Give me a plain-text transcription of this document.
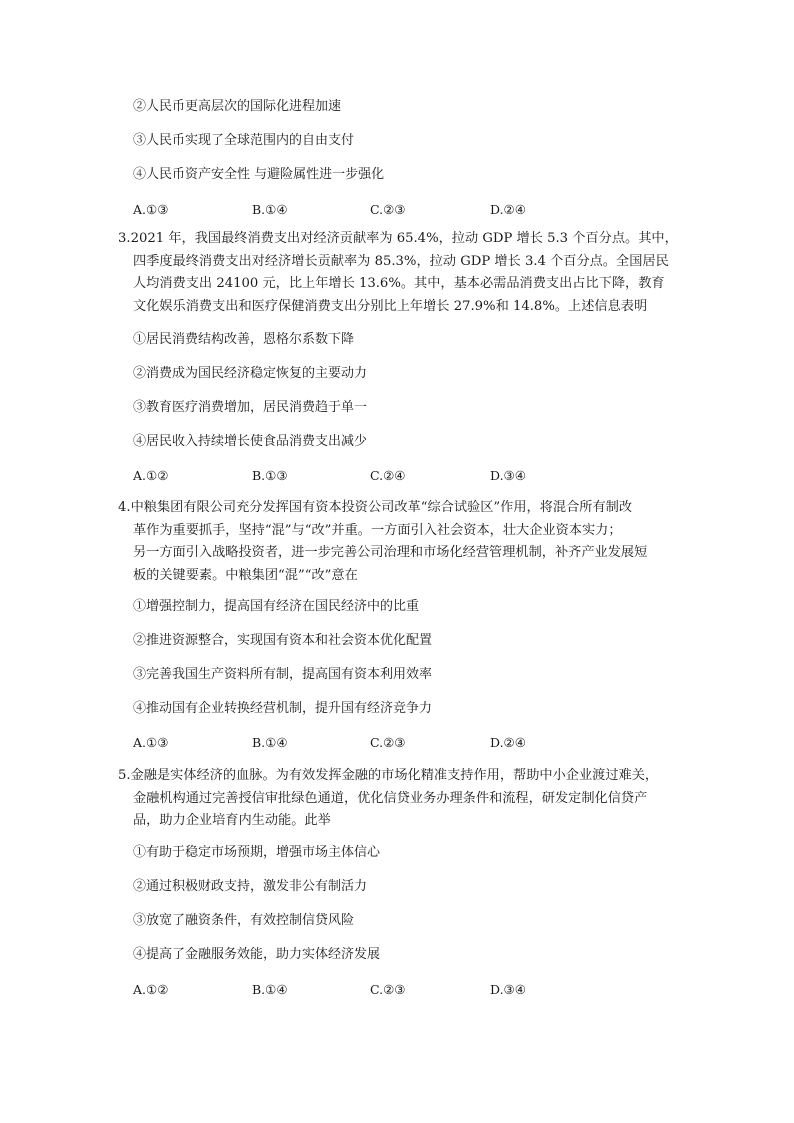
②人民币更高层次的国际化进程加速
③人民币实现了全球范围内的自由支付
④人民币资产安全性 与避险属性进一步强化
A.①③	B.①④	C.②③	D.②④
3.2021 年，我国最终消费支出对经济贡献率为 65.4%，拉动 GDP 增长 5.3 个百分点。其中，
四季度最终消费支出对经济增长贡献率为 85.3%，拉动 GDP 增长 3.4 个百分点。全国居民
人均消费支出 24100 元，比上年增长 13.6%。其中，基本必需品消费支出占比下降，教育
文化娱乐消费支出和医疗保健消费支出分别比上年增长 27.9%和 14.8%。上述信息表明
①居民消费结构改善，恩格尔系数下降
②消费成为国民经济稳定恢复的主要动力
③教育医疗消费增加，居民消费趋于单一
④居民收入持续增长使食品消费支出减少
A.①②	B.①③	C.②④	D.③④
4.中粮集团有限公司充分发挥国有资本投资公司改革“综合试验区”作用，将混合所有制改
革作为重要抓手，坚持“混”与“改”并重。一方面引入社会资本，壮大企业资本实力；
另一方面引入战略投资者，进一步完善公司治理和市场化经营管理机制，补齐产业发展短
板的关键要素。中粮集团“混”“改”意在
①增强控制力，提高国有经济在国民经济中的比重
②推进资源整合，实现国有资本和社会资本优化配置
③完善我国生产资料所有制，提高国有资本利用效率
④推动国有企业转换经营机制，提升国有经济竞争力
A.①③	B.①④	C.②③	D.②④
5.金融是实体经济的血脉。为有效发挥金融的市场化精准支持作用，帮助中小企业渡过难关，
金融机构通过完善授信审批绿色通道，优化信贷业务办理条件和流程，研发定制化信贷产
品，助力企业培育内生动能。此举
①有助于稳定市场预期，增强市场主体信心
②通过积极财政支持，激发非公有制活力
③放宽了融资条件，有效控制信贷风险
④提高了金融服务效能，助力实体经济发展
A.①②	B.①④	C.②③	D.③④
